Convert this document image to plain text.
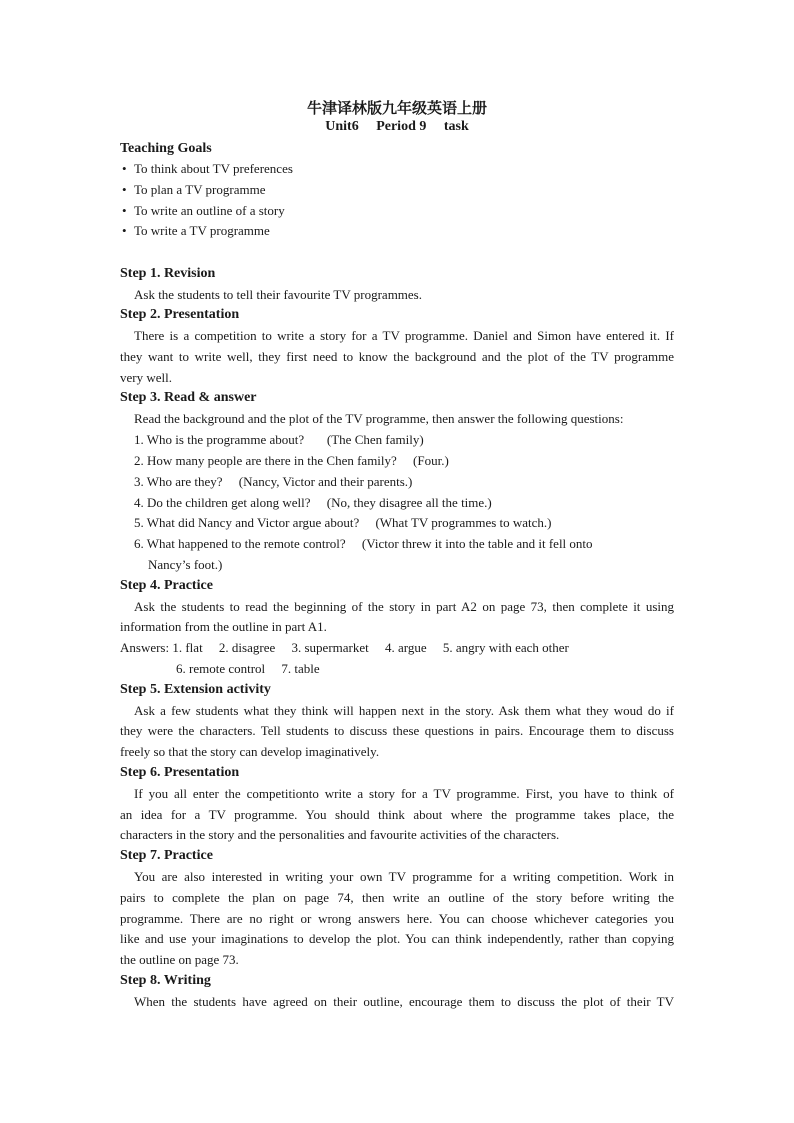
牛津译林版九年级英语上册
Unit6     Period 9     task
Teaching Goals
• To think about TV preferences
• To plan a TV programme
• To write an outline of a story
• To write a TV programme
Step 1. Revision
Ask the students to tell their favourite TV programmes.
Step 2. Presentation
There is a competition to write a story for a TV programme. Daniel and Simon have entered it. If
they want to write well, they first need to know the background and the plot of the TV programme
very well.
Step 3. Read & answer
Read the background and the plot of the TV programme, then answer the following questions:
1. Who is the programme about?       (The Chen family)
2. How many people are there in the Chen family?     (Four.)
3. Who are they?     (Nancy, Victor and their parents.)
4. Do the children get along well?     (No, they disagree all the time.)
5. What did Nancy and Victor argue about?     (What TV programmes to watch.)
6. What happened to the remote control?     (Victor threw it into the table and it fell onto
Nancy’s foot.)
Step 4. Practice
Ask the students to read the beginning of the story in part A2 on page 73, then complete it using
information from the outline in part A1.
Answers: 1. flat     2. disagree     3. supermarket     4. argue     5. angry with each other
6. remote control     7. table
Step 5. Extension activity
Ask a few students what they think will happen next in the story. Ask them what they woud do if
they were the characters. Tell students to discuss these questions in pairs. Encourage them to discuss
freely so that the story can develop imaginatively.
Step 6. Presentation
If you all enter the competitionto write a story for a TV programme. First, you have to think of
an idea for a TV programme. You should think about where the programme takes place, the
characters in the story and the personalities and favourite activities of the characters.
Step 7. Practice
You are also interested in writing your own TV programme for a writing competition. Work in
pairs to complete the plan on page 74, then write an outline of the story before writing the
programme. There are no right or wrong answers here. You can choose whichever categories you
like and use your imaginations to develop the plot. You can think independently, rather than copying
the outline on page 73.
Step 8. Writing
When the students have agreed on their outline, encourage them to discuss the plot of their TV
